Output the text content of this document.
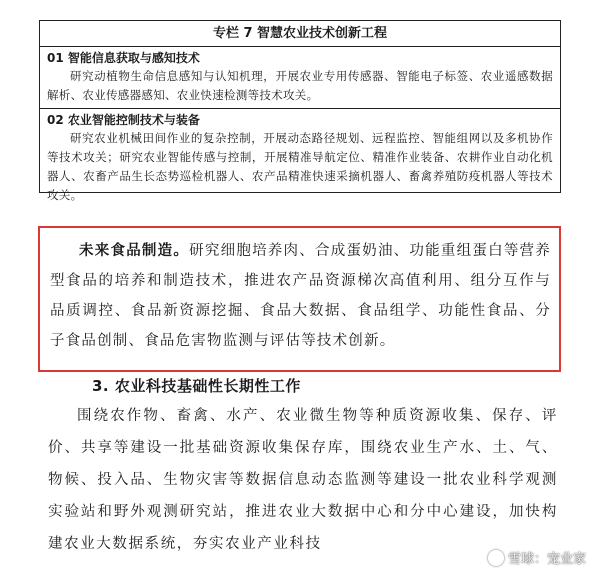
专栏 7 智慧农业技术创新工程
01 智能信息获取与感知技术
研究动植物生命信息感知与认知机理，开展农业专用传感器、智能电子标签、农业遥感数据解析、农业传感器感知、农业快速检测等技术攻关。
02 农业智能控制技术与装备
研究农业机械田间作业的复杂控制，开展动态路径规划、远程监控、智能组网以及多机协作等技术攻关；研究农业智能传感与控制，开展精准导航定位、精准作业装备、农耕作业自动化机器人、农畜产品生长态势巡检机器人、农产品精准快速采摘机器人、畜禽养殖防疫机器人等技术攻关。

未来食品制造。研究细胞培养肉、合成蛋奶油、功能重组蛋白等营养型食品的培养和制造技术，推进农产品资源梯次高值利用、组分互作与品质调控、食品新资源挖掘、食品大数据、食品组学、功能性食品、分子食品创制、食品危害物监测与评估等技术创新。

3. 农业科技基础性长期性工作

围绕农作物、畜禽、水产、农业微生物等种质资源收集、保存、评价、共享等建设一批基础资源收集保存库，围绕农业生产水、土、气、物候、投入品、生物灾害等数据信息动态监测等建设一批农业科学观测实验站和野外观测研究站，推进农业大数据中心和分中心建设，加快构建农业大数据系统，夯实农业产业科技

雪球：宠业家
